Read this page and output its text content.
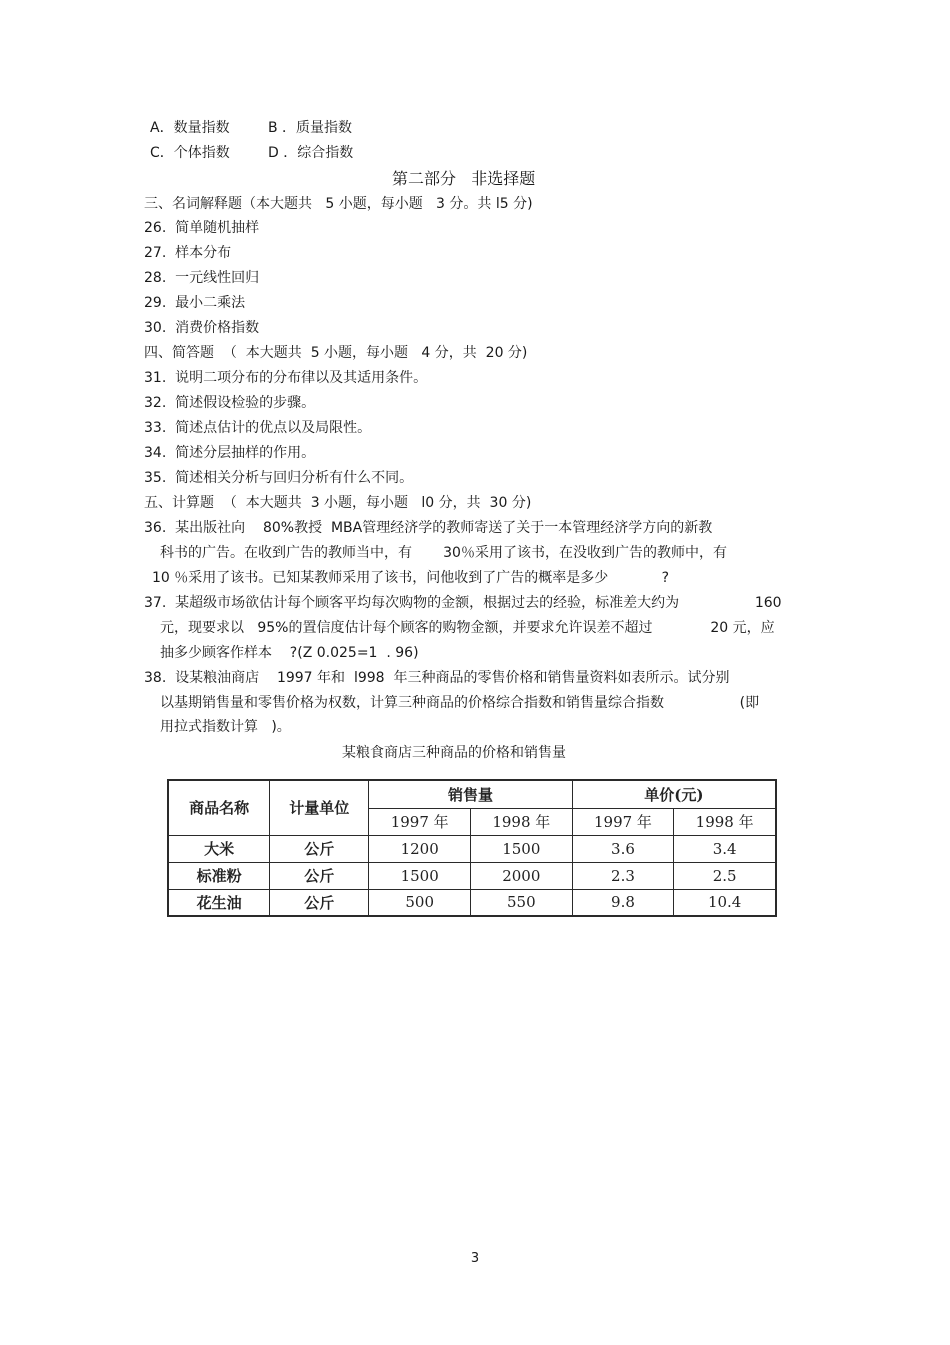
A．数量指数	B ．质量指数
C．个体指数	D ．综合指数
第二部分   非选择题
三、名词解释题（本大题共   5 小题，每小题   3 分。共 l5 分)
26.  简单随机抽样
27.  样本分布
28.  一元线性回归
29.  最小二乘法
30.  消费价格指数
四、简答题  （  本大题共  5 小题，每小题   4 分，共  20 分)
31.  说明二项分布的分布律以及其适用条件。
32.  简述假设检验的步骤。
33.  简述点估计的优点以及局限性。
34.  简述分层抽样的作用。
35.  简述相关分析与回归分析有什么不同。
五、计算题  （  本大题共  3 小题，每小题   l0 分，共  30 分)
36.  某出版社向    80%教授  MBA管理经济学的教师寄送了关于一本管理经济学方向的新教
科书的广告。在收到广告的教师当中，有       30％采用了该书，在没收到广告的教师中，有
10 ％采用了该书。已知某教师采用了该书，问他收到了广告的概率是多少            ?
37.  某超级市场欲估计每个顾客平均每次购物的金额，根据过去的经验，标准差大约为                 160
元，现要求以   95%的置信度估计每个顾客的购物金额，并要求允许误差不超过             20 元，应
抽多少顾客作样本    ?(Z 0.025=1  . 96)
38.  设某粮油商店    1997 年和  l998  年三种商品的零售价格和销售量资料如表所示。试分别
以基期销售量和零售价格为权数，计算三种商品的价格综合指数和销售量综合指数                 (即
用拉式指数计算   )。
某粮食商店三种商品的价格和销售量
商品名称	计量单位	销售量		单价(元)	
		1997 年	1998 年	1997 年	1998 年
大米	公斤	1200	1500	3.6	3.4
标准粉	公斤	1500	2000	2.3	2.5
花生油	公斤	500	550	9.8	10.4
3
